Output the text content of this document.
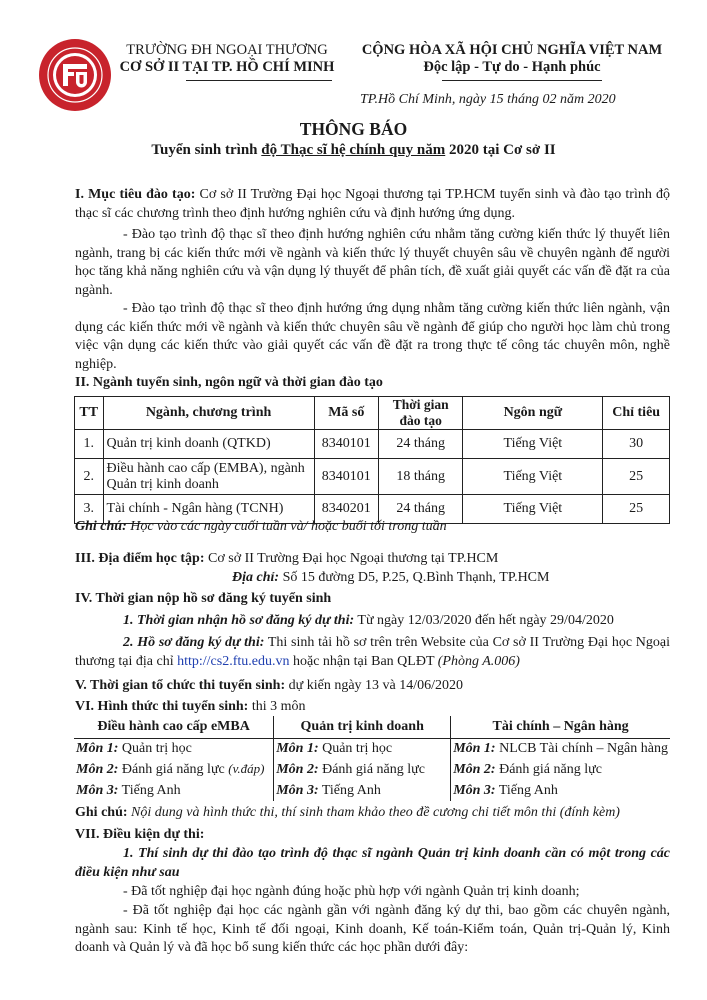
TRƯỜNG ĐH NGOẠI THƯƠNG
CƠ SỞ II TẠI TP. HỒ CHÍ MINH
CỘNG HÒA XÃ HỘI CHỦ NGHĨA VIỆT NAM
Độc lập - Tự do - Hạnh phúc
TP.Hồ Chí Minh, ngày 15 tháng 02 năm 2020
THÔNG BÁO
Tuyển sinh trình độ Thạc sĩ hệ chính quy năm 2020 tại Cơ sở II
I. Mục tiêu đào tạo: Cơ sở II Trường Đại học Ngoại thương tại TP.HCM tuyển sinh và đào tạo trình độ thạc sĩ các chương trình theo định hướng nghiên cứu và định hướng ứng dụng.
- Đào tạo trình độ thạc sĩ theo định hướng nghiên cứu nhằm tăng cường kiến thức lý thuyết liên ngành, trang bị các kiến thức mới về ngành và kiến thức lý thuyết chuyên sâu về chuyên ngành để người học tăng khả năng nghiên cứu và vận dụng lý thuyết để phân tích, đề xuất giải quyết các vấn đề đặt ra của ngành.
- Đào tạo trình độ thạc sĩ theo định hướng ứng dụng nhằm tăng cường kiến thức liên ngành, vận dụng các kiến thức mới về ngành và kiến thức chuyên sâu về ngành để giúp cho người học làm chủ trong việc vận dụng các kiến thức vào giải quyết các vấn đề đặt ra trong thực tế công tác chuyên môn, nghề nghiệp.
II. Ngành tuyển sinh, ngôn ngữ và thời gian đào tạo
TT	Ngành, chương trình	Mã số	Thời gian đào tạo	Ngôn ngữ	Chỉ tiêu
1.	Quản trị kinh doanh (QTKD)	8340101	24 tháng	Tiếng Việt	30
2.	Điều hành cao cấp (EMBA), ngành Quản trị kinh doanh	8340101	18 tháng	Tiếng Việt	25
3.	Tài chính - Ngân hàng (TCNH)	8340201	24 tháng	Tiếng Việt	25
Ghi chú: Học vào các ngày cuối tuần và/ hoặc buổi tối trong tuần
III. Địa điểm học tập: Cơ sở II Trường Đại học Ngoại thương tại TP.HCM
Địa chỉ: Số 15 đường D5, P.25, Q.Bình Thạnh, TP.HCM
IV. Thời gian nộp hồ sơ đăng ký tuyển sinh
1. Thời gian nhận hồ sơ đăng ký dự thi: Từ ngày 12/03/2020 đến hết ngày 29/04/2020
2. Hồ sơ đăng ký dự thi: Thi sinh tải hồ sơ trên trên Website của Cơ sở II Trường Đại học Ngoại thương tại địa chỉ http://cs2.ftu.edu.vn hoặc nhận tại Ban QLĐT (Phòng A.006)
V. Thời gian tổ chức thi tuyển sinh: dự kiến ngày 13 và 14/06/2020
VI. Hình thức thi tuyển sinh: thi 3 môn
Điều hành cao cấp eMBA	Quản trị kinh doanh	Tài chính – Ngân hàng
Môn 1: Quản trị học	Môn 1: Quản trị học	Môn 1: NLCB Tài chính – Ngân hàng
Môn 2: Đánh giá năng lực (v.đáp)	Môn 2: Đánh giá năng lực	Môn 2: Đánh giá năng lực
Môn 3: Tiếng Anh	Môn 3: Tiếng Anh	Môn 3: Tiếng Anh
Ghi chú: Nội dung và hình thức thi, thí sinh tham khảo theo đề cương chi tiết môn thi (đính kèm)
VII. Điều kiện dự thi:
1. Thí sinh dự thi đào tạo trình độ thạc sĩ ngành Quản trị kinh doanh cần có một trong các điều kiện như sau
- Đã tốt nghiệp đại học ngành đúng hoặc phù hợp với ngành Quản trị kinh doanh;
- Đã tốt nghiệp đại học các ngành gần với ngành đăng ký dự thi, bao gồm các chuyên ngành, ngành sau: Kinh tế học, Kinh tế đối ngoại, Kinh doanh, Kế toán-Kiểm toán, Quản trị-Quản lý, Kinh doanh và Quản lý và đã học bổ sung kiến thức các học phần dưới đây:
